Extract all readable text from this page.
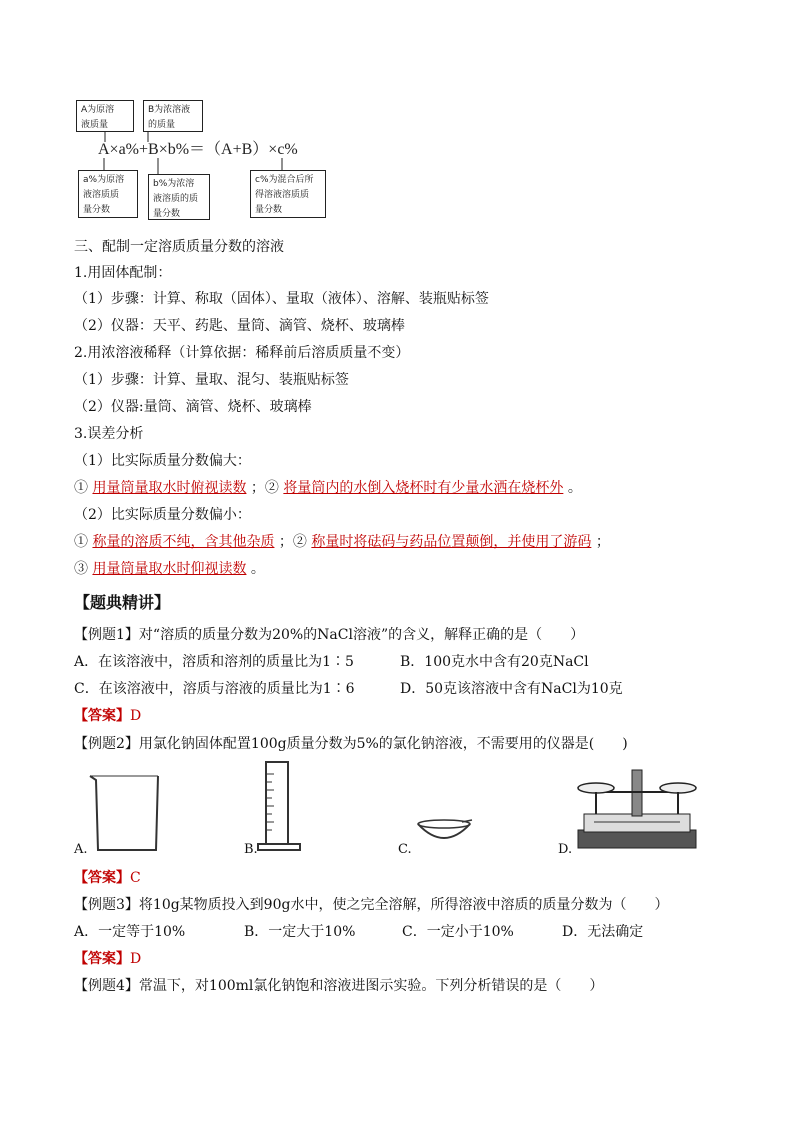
A为原溶
液质量
B为浓溶液
的质量
A×a%+B×b%＝（A+B）×c%
a%为原溶
液溶质质
量分数
b%为浓溶
液溶质的质
量分数
c%为混合后所
得溶液溶质质
量分数
三、配制一定溶质质量分数的溶液
1.用固体配制：
（1）步骤：计算、称取（固体）、量取（液体）、溶解、装瓶贴标签
（2）仪器：天平、药匙、量筒、滴管、烧杯、玻璃棒
2.用浓溶液稀释（计算依据：稀释前后溶质质量不变）
（1）步骤：计算、量取、混匀、装瓶贴标签
（2）仪器:量筒、滴管、烧杯、玻璃棒
3.误差分析
（1）比实际质量分数偏大：
① 用量筒量取水时俯视读数 ；② 将量筒内的水倒入烧杯时有少量水洒在烧杯外 。
（2）比实际质量分数偏小：
① 称量的溶质不纯，含其他杂质 ；② 称量时将砝码与药品位置颠倒，并使用了游码 ；
③ 用量筒量取水时仰视读数 。
【题典精讲】
【例题1】对“溶质的质量分数为20%的NaCl溶液”的含义，解释正确的是（　　）
A．在该溶液中，溶质和溶剂的质量比为1∶5	B．100克水中含有20克NaCl
C．在该溶液中，溶质与溶液的质量比为1∶6	D．50克该溶液中含有NaCl为10克
【答案】D
【例题2】用氯化钠固体配置100g质量分数为5%的氯化钠溶液，不需要用的仪器是(　　)
A.	B.	C.	D.
【答案】C
【例题3】将10g某物质投入到90g水中，使之完全溶解，所得溶液中溶质的质量分数为（　　）
A．一定等于10%	B．一定大于10%	C．一定小于10%	D．无法确定
【答案】D
【例题4】常温下，对100ml氯化钠饱和溶液进图示实验。下列分析错误的是（　　）
